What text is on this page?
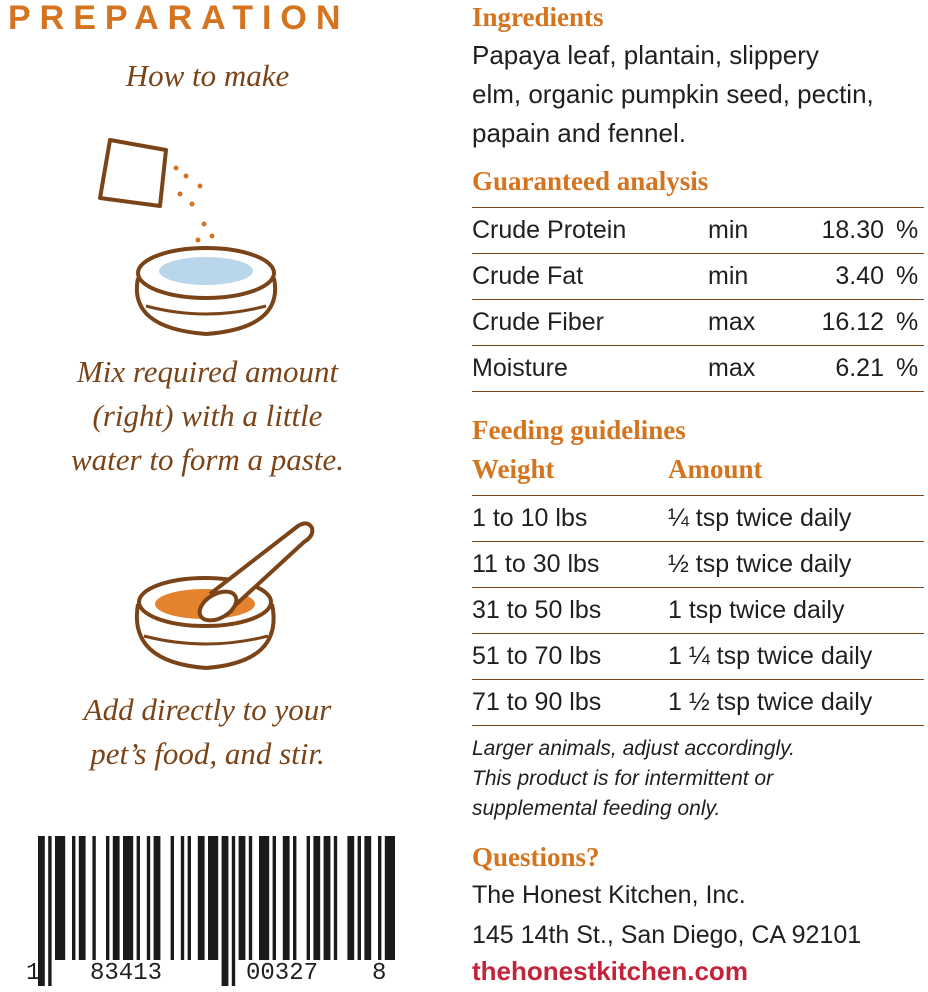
PREPARATION
How to make
Mix required amount
(right) with a little
water to form a paste.
Add directly to your
pet’s food, and stir.
1 83413	00327 8
Ingredients
Papaya leaf, plantain, slippery
elm, organic pumpkin seed, pectin,
papain and fennel.
Guaranteed analysis
Crude Protein	min	18.30	%
Crude Fat	min	3.40	%
Crude Fiber	max	16.12	%
Moisture	max	6.21	%
Feeding guidelines
Weight	Amount
1 to 10 lbs	¼ tsp twice daily
11 to 30 lbs	½ tsp twice daily
31 to 50 lbs	1 tsp twice daily
51 to 70 lbs	1 ¼ tsp twice daily
71 to 90 lbs	1 ½ tsp twice daily
Larger animals, adjust accordingly.
This product is for intermittent or
supplemental feeding only.
Questions?
The Honest Kitchen, Inc.
145 14th St., San Diego, CA 92101
thehonestkitchen.com
